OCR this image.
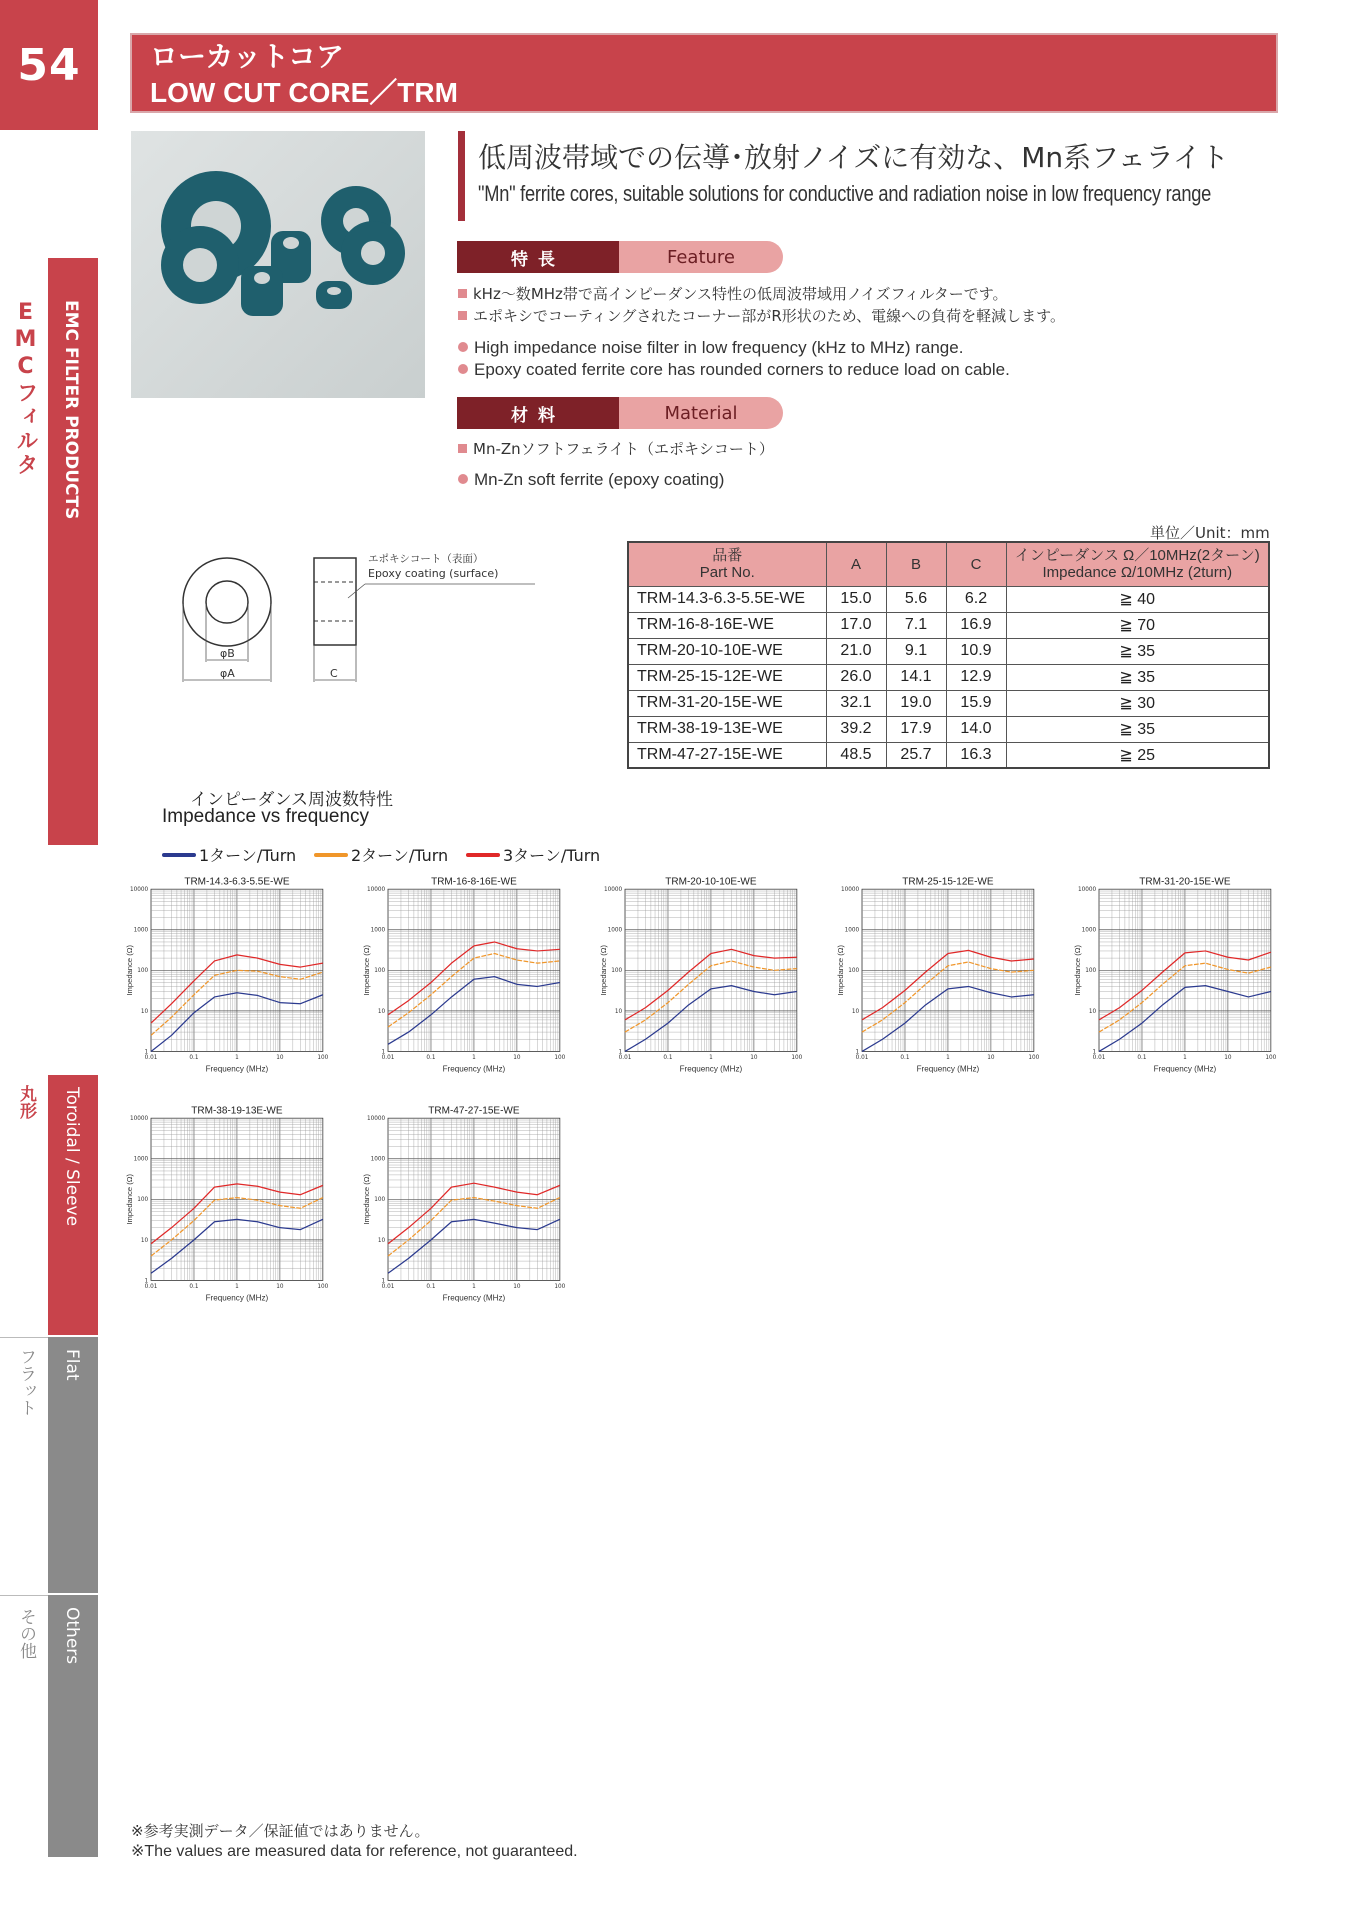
54	ローカットコア
LOW CUT CORE／TRM
低周波帯域での伝導･放射ノイズに有効な、Mn系フェライト
"Mn" ferrite cores, suitable solutions for conductive and radiation noise in low frequency range
特長	Feature
kHz〜数MHz帯で高インピーダンス特性の低周波帯域用ノイズフィルターです。
エポキシでコーティングされたコーナー部がR形状のため、電線への負荷を軽減します。
High impedance noise filter in low frequency (kHz to MHz) range.
Epoxy coated ferrite core has rounded corners to reduce load on cable.
材料	Material
Mn-Znソフトフェライト（エポキシコート）
Mn-Zn soft ferrite (epoxy coating)
EMCフィルタ EMC FILTER PRODUCTS
丸形 Toroidal / Sleeve
フラット Flat
その他 Others
φB
φA	C
エポキシコート（表面）
Epoxy coating (surface)
単位／Unit：mm
品番
Part No.	A	B	C	インピーダンス Ω／10MHz(2ターン)
Impedance Ω/10MHz (2turn)
TRM-14.3-6.3-5.5E-WE	15.0	5.6	6.2	≧ 40
TRM-16-8-16E-WE	17.0	7.1	16.9	≧ 70
TRM-20-10-10E-WE	21.0	9.1	10.9	≧ 35
TRM-25-15-12E-WE	26.0	14.1	12.9	≧ 35
TRM-31-20-15E-WE	32.1	19.0	15.9	≧ 30
TRM-38-19-13E-WE	39.2	17.9	14.0	≧ 35
TRM-47-27-15E-WE	48.5	25.7	16.3	≧ 25
インピーダンス周波数特性
Impedance vs frequency
1ターン/Turn	2ターン/Turn	3ターン/Turn
0.01	0.1	1	10	100
1
10
100
1000
10000
TRM-14.3-6.3-5.5E-WE
Frequency (MHz)
Impedance (Ω)
0.01	0.1	1	10	100
1
10
100
1000
10000
TRM-16-8-16E-WE
Frequency (MHz)
Impedance (Ω)
0.01	0.1	1	10	100
1
10
100
1000
10000
TRM-20-10-10E-WE
Frequency (MHz)
Impedance (Ω)
0.01	0.1	1	10	100
1
10
100
1000
10000
TRM-25-15-12E-WE
Frequency (MHz)
Impedance (Ω)
0.01	0.1	1	10	100
1
10
100
1000
10000
TRM-31-20-15E-WE
Frequency (MHz)
Impedance (Ω)
0.01	0.1	1	10	100
1
10
100
1000
10000
TRM-38-19-13E-WE
Frequency (MHz)
Impedance (Ω)
0.01	0.1	1	10	100
1
10
100
1000
10000
TRM-47-27-15E-WE
Frequency (MHz)
Impedance (Ω)
※参考実測データ／保証値ではありません。
※The values are measured data for reference, not guaranteed.
